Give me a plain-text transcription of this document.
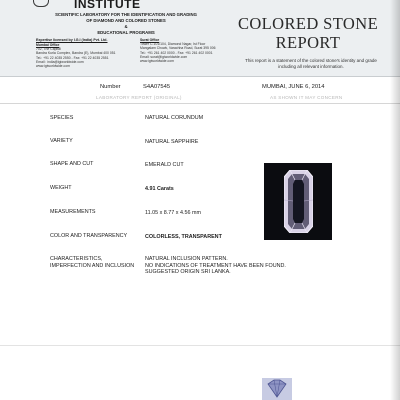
INSTITUTE
SCIENTIFIC LABORATORY FOR THE IDENTIFICATION AND GRADING
OF DIAMOND AND COLORED STONES
&
EDUCATIONAL PROGRAMS
Expertise licensed by I.G.I (India) Pvt. Ltd.
Mumbai Office
702, The Capital
Bandra Kurla Complex, Bandra (E), Mumbai 400 051
Tel.: +91 22 4035 2550 - Fax: +91 22 4035 2551
Email : india@igiworldwide.com
www.igiworldwide.com
Surat Office
Tower C-101/104, Diamond Nagar, Ist Floor
Mangalam Chowk, Varachha Road, Surat 395 006
Tel.: +91 261 402 0000 - Fax: +91 261 402 0001
Email: surat@igiworldwide.com
www.igiworldwide.com
COLORED STONE
REPORT
This report is a statement of the colored stone's identity and grade including all relevant information.
Number	S4A07545	MUMBAI, JUNE 6, 2014
LABORATORY REPORT (ORIGINAL)	AS SHOWN IT MAY CONCERN
SPECIES	NATURAL CORUNDUM
VARIETY	NATURAL SAPPHIRE
SHAPE AND CUT	EMERALD CUT
WEIGHT	4.91 Carats
MEASUREMENTS	11.05 x 8.77 x 4.56 mm
COLOR AND TRANSPARENCY	COLORLESS, TRANSPARENT
CHARACTERISTICS,
IMPERFECTION AND INCLUSION
NATURAL INCLUSION PATTERN.
NO INDICATIONS OF TREATMENT HAVE BEEN FOUND.
SUGGESTED ORIGIN SRI LANKA.
